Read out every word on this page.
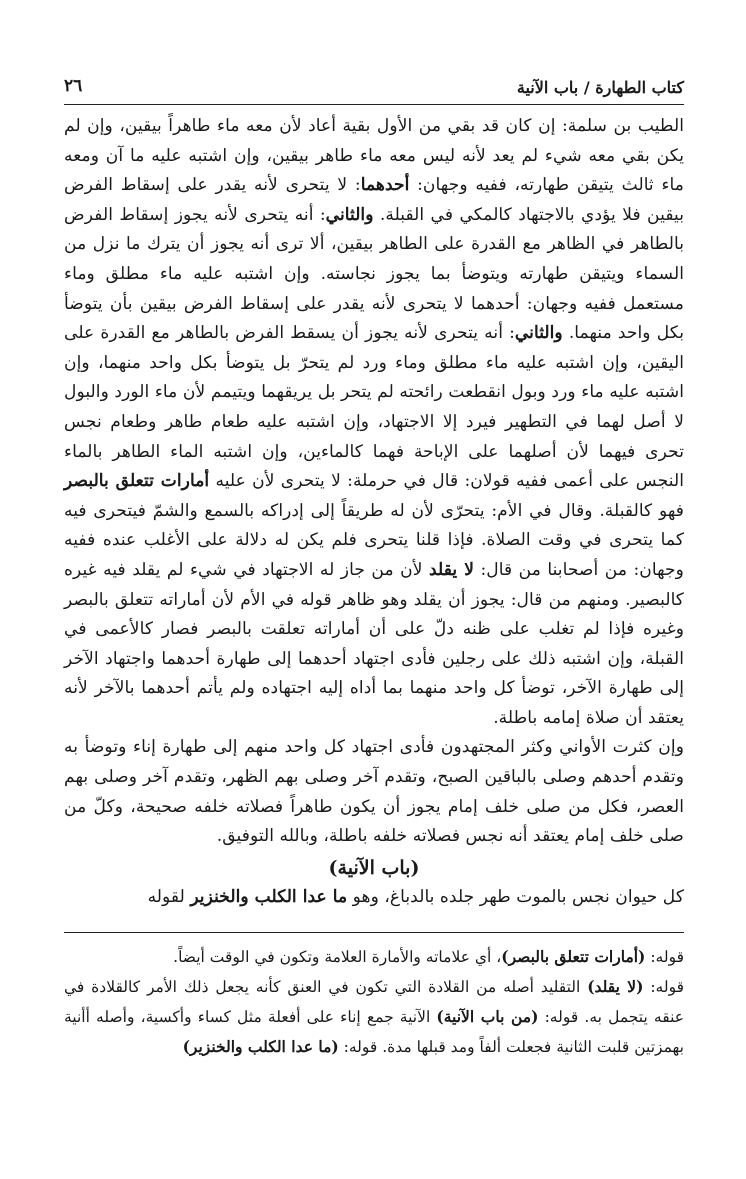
كتاب الطهارة / باب الآنية
٢٦

الطيب بن سلمة: إن كان قد بقي من الأول بقية أعاد لأن معه ماء طاهراً بيقين، وإن لم يكن بقي معه شيء لم يعد لأنه ليس معه ماء طاهر بيقين، وإن اشتبه عليه ما آن ومعه ماء ثالث يتيقن طهارته، ففيه وجهان: أحدهما: لا يتحرى لأنه يقدر على إسقاط الفرض بيقين فلا يؤدي بالاجتهاد كالمكي في القبلة. والثاني: أنه يتحرى لأنه يجوز إسقاط الفرض بالطاهر في الظاهر مع القدرة على الطاهر بيقين، ألا ترى أنه يجوز أن يترك ما نزل من السماء ويتيقن طهارته ويتوضأ بما يجوز نجاسته. وإن اشتبه عليه ماء مطلق وماء مستعمل ففيه وجهان: أحدهما لا يتحرى لأنه يقدر على إسقاط الفرض بيقين بأن يتوضأ بكل واحد منهما. والثاني: أنه يتحرى لأنه يجوز أن يسقط الفرض بالطاهر مع القدرة على اليقين، وإن اشتبه عليه ماء مطلق وماء ورد لم يتحرّ بل يتوضأ بكل واحد منهما، وإن اشتبه عليه ماء ورد وبول انقطعت رائحته لم يتحر بل يريقهما ويتيمم لأن ماء الورد والبول لا أصل لهما في التطهير فيرد إلا الاجتهاد، وإن اشتبه عليه طعام طاهر وطعام نجس تحرى فيهما لأن أصلهما على الإباحة فهما كالماءين، وإن اشتبه الماء الطاهر بالماء النجس على أعمى ففيه قولان: قال في حرملة: لا يتحرى لأن عليه أمارات تتعلق بالبصر فهو كالقبلة. وقال في الأم: يتحرّى لأن له طريقاً إلى إدراكه بالسمع والشمّ فيتحرى فيه كما يتحرى في وقت الصلاة. فإذا قلنا يتحرى فلم يكن له دلالة على الأغلب عنده ففيه وجهان: من أصحابنا من قال: لا يقلد لأن من جاز له الاجتهاد في شيء لم يقلد فيه غيره كالبصير. ومنهم من قال: يجوز أن يقلد وهو ظاهر قوله في الأم لأن أماراته تتعلق بالبصر وغيره فإذا لم تغلب على ظنه دلّ على أن أماراته تعلقت بالبصر فصار كالأعمى في القبلة، وإن اشتبه ذلك على رجلين فأدى اجتهاد أحدهما إلى طهارة أحدهما واجتهاد الآخر إلى طهارة الآخر، توضأ كل واحد منهما بما أداه إليه اجتهاده ولم يأتم أحدهما بالآخر لأنه يعتقد أن صلاة إمامه باطلة.

وإن كثرت الأواني وكثر المجتهدون فأدى اجتهاد كل واحد منهم إلى طهارة إناء وتوضأ به وتقدم أحدهم وصلى بالباقين الصبح، وتقدم آخر وصلى بهم الظهر، وتقدم آخر وصلى بهم العصر، فكل من صلى خلف إمام يجوز أن يكون طاهراً فصلاته خلفه صحيحة، وكلّ من صلى خلف إمام يعتقد أنه نجس فصلاته خلفه باطلة، وبالله التوفيق.

(باب الآنية)

كل حيوان نجس بالموت طهر جلده بالدباغ، وهو ما عدا الكلب والخنزير لقوله

قوله: (أمارات تتعلق بالبصر)، أي علاماته والأمارة العلامة وتكون في الوقت أيضاً.

قوله: (لا يقلد) التقليد أصله من القلادة التي تكون في العنق كأنه يجعل ذلك الأمر كالقلادة في عنقه يتجمل به. قوله: (من باب الآنية) الآنية جمع إناء على أفعلة مثل كساء وأكسية، وأصله أأنية بهمزتين قلبت الثانية فجعلت ألفاً ومد قبلها مدة. قوله: (ما عدا الكلب والخنزير)
